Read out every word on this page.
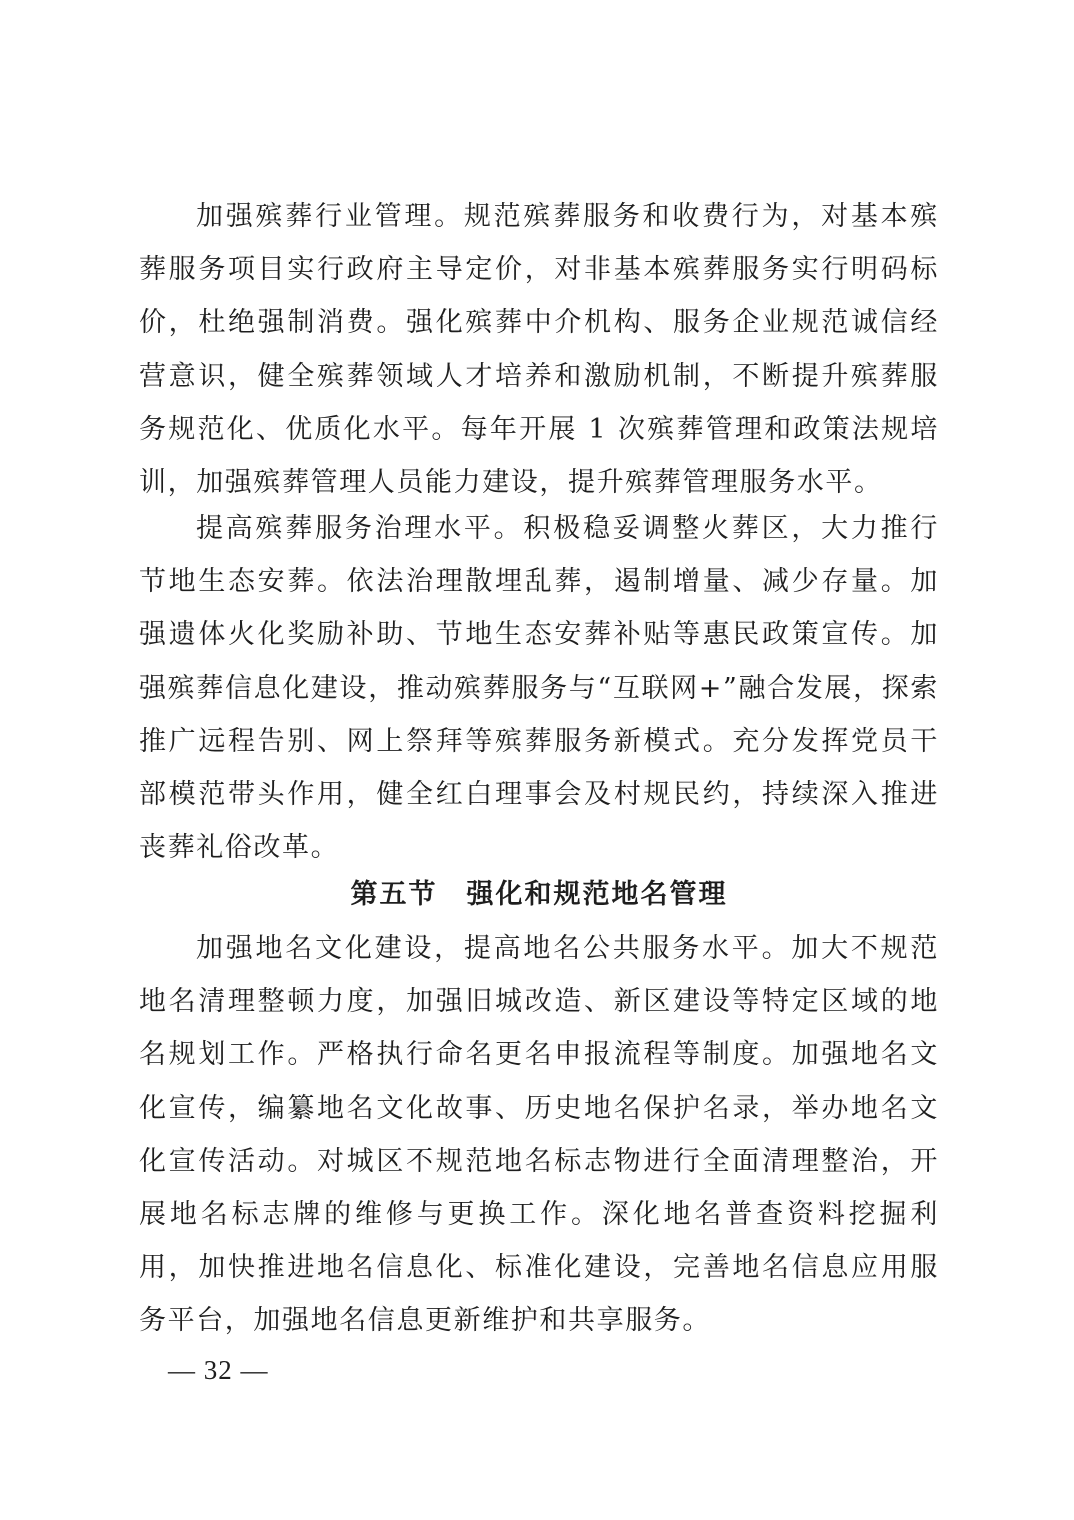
加强殡葬行业管理。规范殡葬服务和收费行为，对基本殡葬服务项目实行政府主导定价，对非基本殡葬服务实行明码标价，杜绝强制消费。强化殡葬中介机构、服务企业规范诚信经营意识，健全殡葬领域人才培养和激励机制，不断提升殡葬服务规范化、优质化水平。每年开展 1 次殡葬管理和政策法规培训，加强殡葬管理人员能力建设，提升殡葬管理服务水平。

提高殡葬服务治理水平。积极稳妥调整火葬区，大力推行节地生态安葬。依法治理散埋乱葬，遏制增量、减少存量。加强遗体火化奖励补助、节地生态安葬补贴等惠民政策宣传。加强殡葬信息化建设，推动殡葬服务与“互联网+”融合发展，探索推广远程告别、网上祭拜等殡葬服务新模式。充分发挥党员干部模范带头作用，健全红白理事会及村规民约，持续深入推进丧葬礼俗改革。

第五节　强化和规范地名管理

加强地名文化建设，提高地名公共服务水平。加大不规范地名清理整顿力度，加强旧城改造、新区建设等特定区域的地名规划工作。严格执行命名更名申报流程等制度。加强地名文化宣传，编纂地名文化故事、历史地名保护名录，举办地名文化宣传活动。对城区不规范地名标志物进行全面清理整治，开展地名标志牌的维修与更换工作。深化地名普查资料挖掘利用，加快推进地名信息化、标准化建设，完善地名信息应用服务平台，加强地名信息更新维护和共享服务。

— 32 —
